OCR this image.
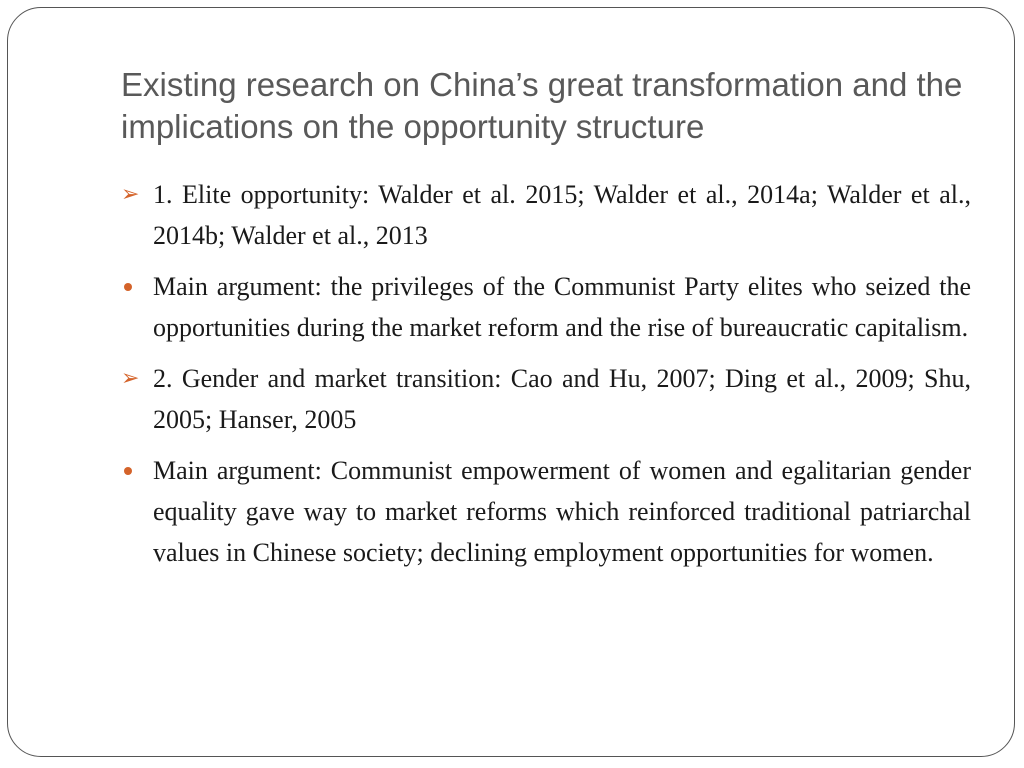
Existing research on China’s great transformation and the implications on the opportunity structure
➢ 1. Elite opportunity: Walder et al. 2015; Walder et al., 2014a; Walder et al., 2014b; Walder et al., 2013
Main argument: the privileges of the Communist Party elites who seized the opportunities during the market reform and the rise of bureaucratic capitalism.
➢ 2. Gender and market transition: Cao and Hu, 2007; Ding et al., 2009; Shu, 2005; Hanser, 2005
Main argument: Communist empowerment of women and egalitarian gender equality gave way to market reforms which reinforced traditional patriarchal values in Chinese society; declining employment opportunities for women.
